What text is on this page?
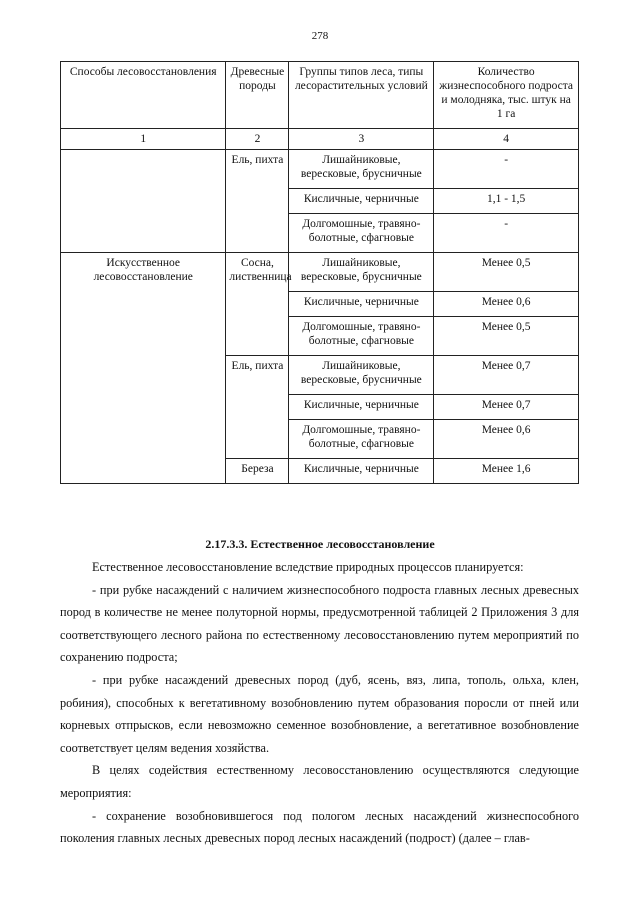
278
Способы лесовосстановления	Древесные породы	Группы типов леса, типы лесорастительных условий	Количество жизнеспособного подроста и молодняка, тыс. штук на 1 га
1	2	3	4
	Ель, пихта	Лишайниковые, вересковые, брусничные	-
		Кисличные, черничные	1,1 - 1,5
		Долгомошные, травяно-болотные, сфагновые	-
Искусственное лесовосстановление	Сосна, лиственница	Лишайниковые, вересковые, брусничные	Менее 0,5
		Кисличные, черничные	Менее 0,6
		Долгомошные, травяно-болотные, сфагновые	Менее 0,5
	Ель, пихта	Лишайниковые, вересковые, брусничные	Менее 0,7
		Кисличные, черничные	Менее 0,7
		Долгомошные, травяно-болотные, сфагновые	Менее 0,6
	Береза	Кисличные, черничные	Менее 1,6
2.17.3.3. Естественное лесовосстановление

Естественное лесовосстановление вследствие природных процессов планируется:

- при рубке насаждений с наличием жизнеспособного подроста главных лесных древесных пород в количестве не менее полуторной нормы, предусмотренной таблицей 2 Приложения 3 для соответствующего лесного района по естественному лесовосстановлению путем мероприятий по сохранению подроста;

- при рубке насаждений древесных пород (дуб, ясень, вяз, липа, тополь, ольха, клен, робиния), способных к вегетативному возобновлению путем образования поросли от пней или корневых отпрысков, если невозможно семенное возобновление, а вегетативное возобновление соответствует целям ведения хозяйства.

В целях содействия естественному лесовосстановлению осуществляются следующие мероприятия:

- сохранение возобновившегося под пологом лесных насаждений жизнеспособного поколения главных лесных древесных пород лесных насаждений (подрост) (далее – глав-
